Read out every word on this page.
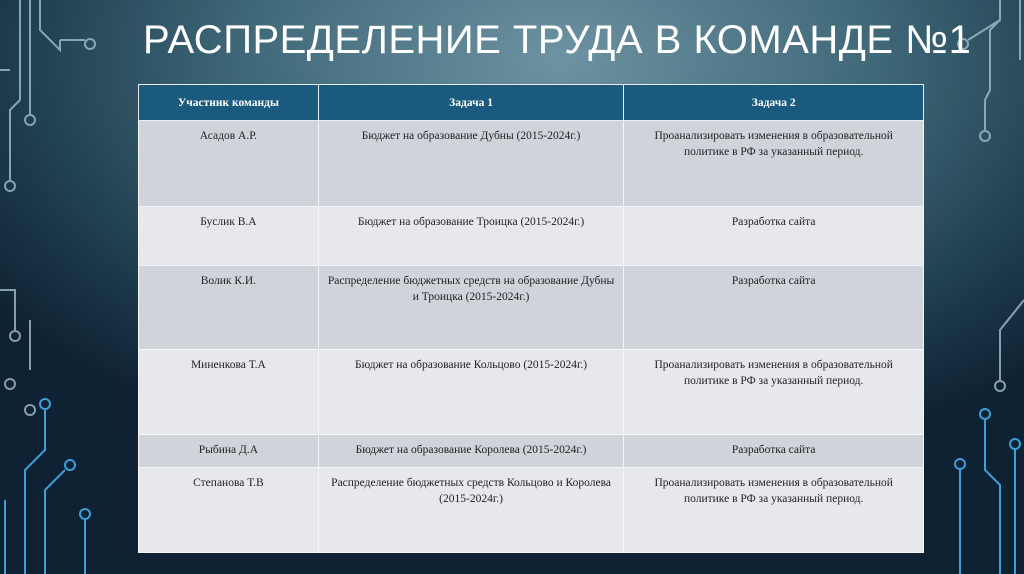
РАСПРЕДЕЛЕНИЕ ТРУДА В КОМАНДЕ №1
Участник команды	Задача 1	Задача 2
Асадов А.Р.	Бюджет на образование Дубны (2015-2024г.)	Проанализировать изменения в образовательной политике в РФ за указанный период.
Буслик В.А	Бюджет на образование Троицка (2015-2024г.)	Разработка сайта
Волик К.И.	Распределение бюджетных средств на образование Дубны и Троицка (2015-2024г.)	Разработка сайта
Миненкова Т.А	Бюджет на образование Кольцово (2015-2024г.)	Проанализировать изменения в образовательной политике в РФ за указанный период.
Рыбина Д.А	Бюджет на образование Королева (2015-2024г.)	Разработка сайта
Степанова Т.В	Распределение бюджетных средств Кольцово и Королева (2015-2024г.)	Проанализировать изменения в образовательной политике в РФ за указанный период.
